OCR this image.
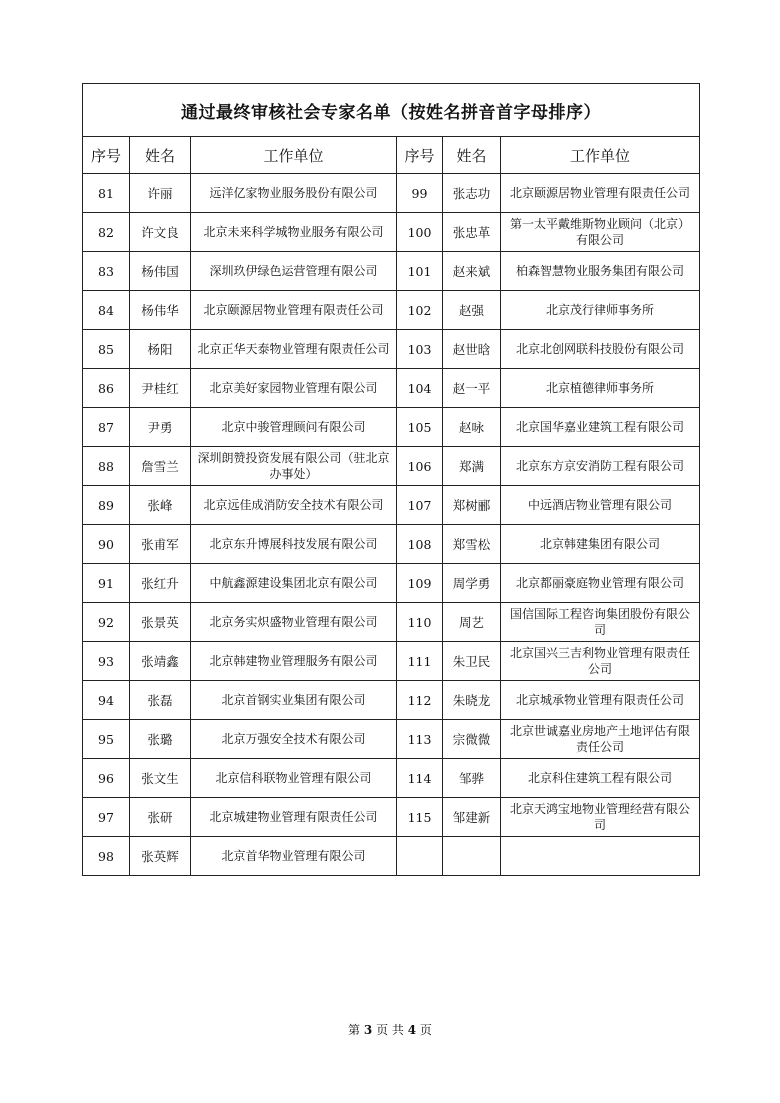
通过最终审核社会专家名单（按姓名拼音首字母排序）					
序号	姓名	工作单位	序号	姓名	工作单位
81	许丽	远洋亿家物业服务股份有限公司	99	张志功	北京颐源居物业管理有限责任公司
82	许文良	北京未来科学城物业服务有限公司	100	张忠革	第一太平戴维斯物业顾问（北京）有限公司
83	杨伟国	深圳玖伊绿色运营管理有限公司	101	赵来斌	柏森智慧物业服务集团有限公司
84	杨伟华	北京颐源居物业管理有限责任公司	102	赵强	北京茂行律师事务所
85	杨阳	北京正华天泰物业管理有限责任公司	103	赵世晗	北京北创网联科技股份有限公司
86	尹桂红	北京美好家园物业管理有限公司	104	赵一平	北京植德律师事务所
87	尹勇	北京中骏管理顾问有限公司	105	赵咏	北京国华嘉业建筑工程有限公司
88	詹雪兰	深圳朗赞投资发展有限公司（驻北京办事处）	106	郑满	北京东方京安消防工程有限公司
89	张峰	北京远佳成消防安全技术有限公司	107	郑树郦	中远酒店物业管理有限公司
90	张甫军	北京东升博展科技发展有限公司	108	郑雪松	北京韩建集团有限公司
91	张红升	中航鑫源建设集团北京有限公司	109	周学勇	北京都丽豪庭物业管理有限公司
92	张景英	北京务实炽盛物业管理有限公司	110	周艺	国信国际工程咨询集团股份有限公司
93	张靖鑫	北京韩建物业管理服务有限公司	111	朱卫民	北京国兴三吉利物业管理有限责任公司
94	张磊	北京首钢实业集团有限公司	112	朱晓龙	北京城承物业管理有限责任公司
95	张璐	北京万强安全技术有限公司	113	宗微微	北京世诚嘉业房地产土地评估有限责任公司
96	张文生	北京信科联物业管理有限公司	114	邹骅	北京科住建筑工程有限公司
97	张研	北京城建物业管理有限责任公司	115	邹建新	北京天鸿宝地物业管理经营有限公司
98	张英辉	北京首华物业管理有限公司			
第 3 页 共 4 页
